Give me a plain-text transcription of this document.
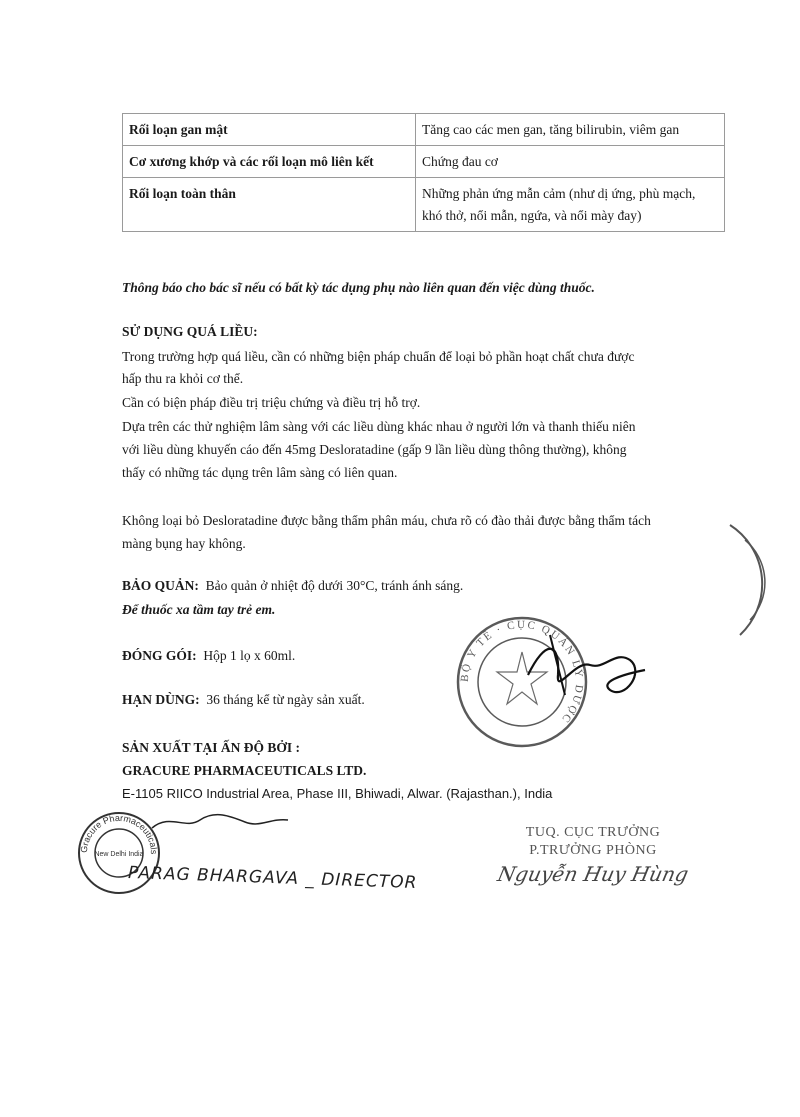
Rối loạn gan mật	Tăng cao các men gan, tăng bilirubin, viêm gan
Cơ xương khớp và các rối loạn mô liên kết	Chứng đau cơ
Rối loạn toàn thân	Những phản ứng mẫn cảm (như dị ứng, phù mạch, khó thở, nổi mẫn, ngứa, và nổi mày đay)
Thông báo cho bác sĩ nếu có bất kỳ tác dụng phụ nào liên quan đến việc dùng thuốc.
SỬ DỤNG QUÁ LIỀU:
Trong trường hợp quá liều, cần có những biện pháp chuẩn để loại bỏ phần hoạt chất chưa được
hấp thu ra khỏi cơ thể.
Cần có biện pháp điều trị triệu chứng và điều trị hỗ trợ.
Dựa trên các thử nghiệm lâm sàng với các liều dùng khác nhau ở người lớn và thanh thiếu niên
với liều dùng khuyến cáo đến 45mg Desloratadine (gấp 9 lần liều dùng thông thường), không
thấy có những tác dụng trên lâm sàng có liên quan.
Không loại bỏ Desloratadine được bằng thẩm phân máu, chưa rõ có đào thải được bằng thẩm tách
màng bụng hay không.
BẢO QUẢN: Bảo quản ở nhiệt độ dưới 30°C, tránh ánh sáng.
Để thuốc xa tầm tay trẻ em.
ĐÓNG GÓI: Hộp 1 lọ x 60ml.
HẠN DÙNG: 36 tháng kể từ ngày sản xuất.
SẢN XUẤT TẠI ẤN ĐỘ BỞI :
GRACURE PHARMACEUTICALS LTD.
E-1105 RIICO Industrial Area, Phase III, Bhiwadi, Alwar. (Rajasthan.), India
Gracure Pharmaceuticals
New Delhi India
PARAG BHARGAVA _ DIRECTOR
BỘ Y TẾ · CỤC QUẢN LÝ DƯỢC
TUQ. CỤC TRƯỞNG
P.TRƯỞNG PHÒNG
Nguyễn Huy Hùng
